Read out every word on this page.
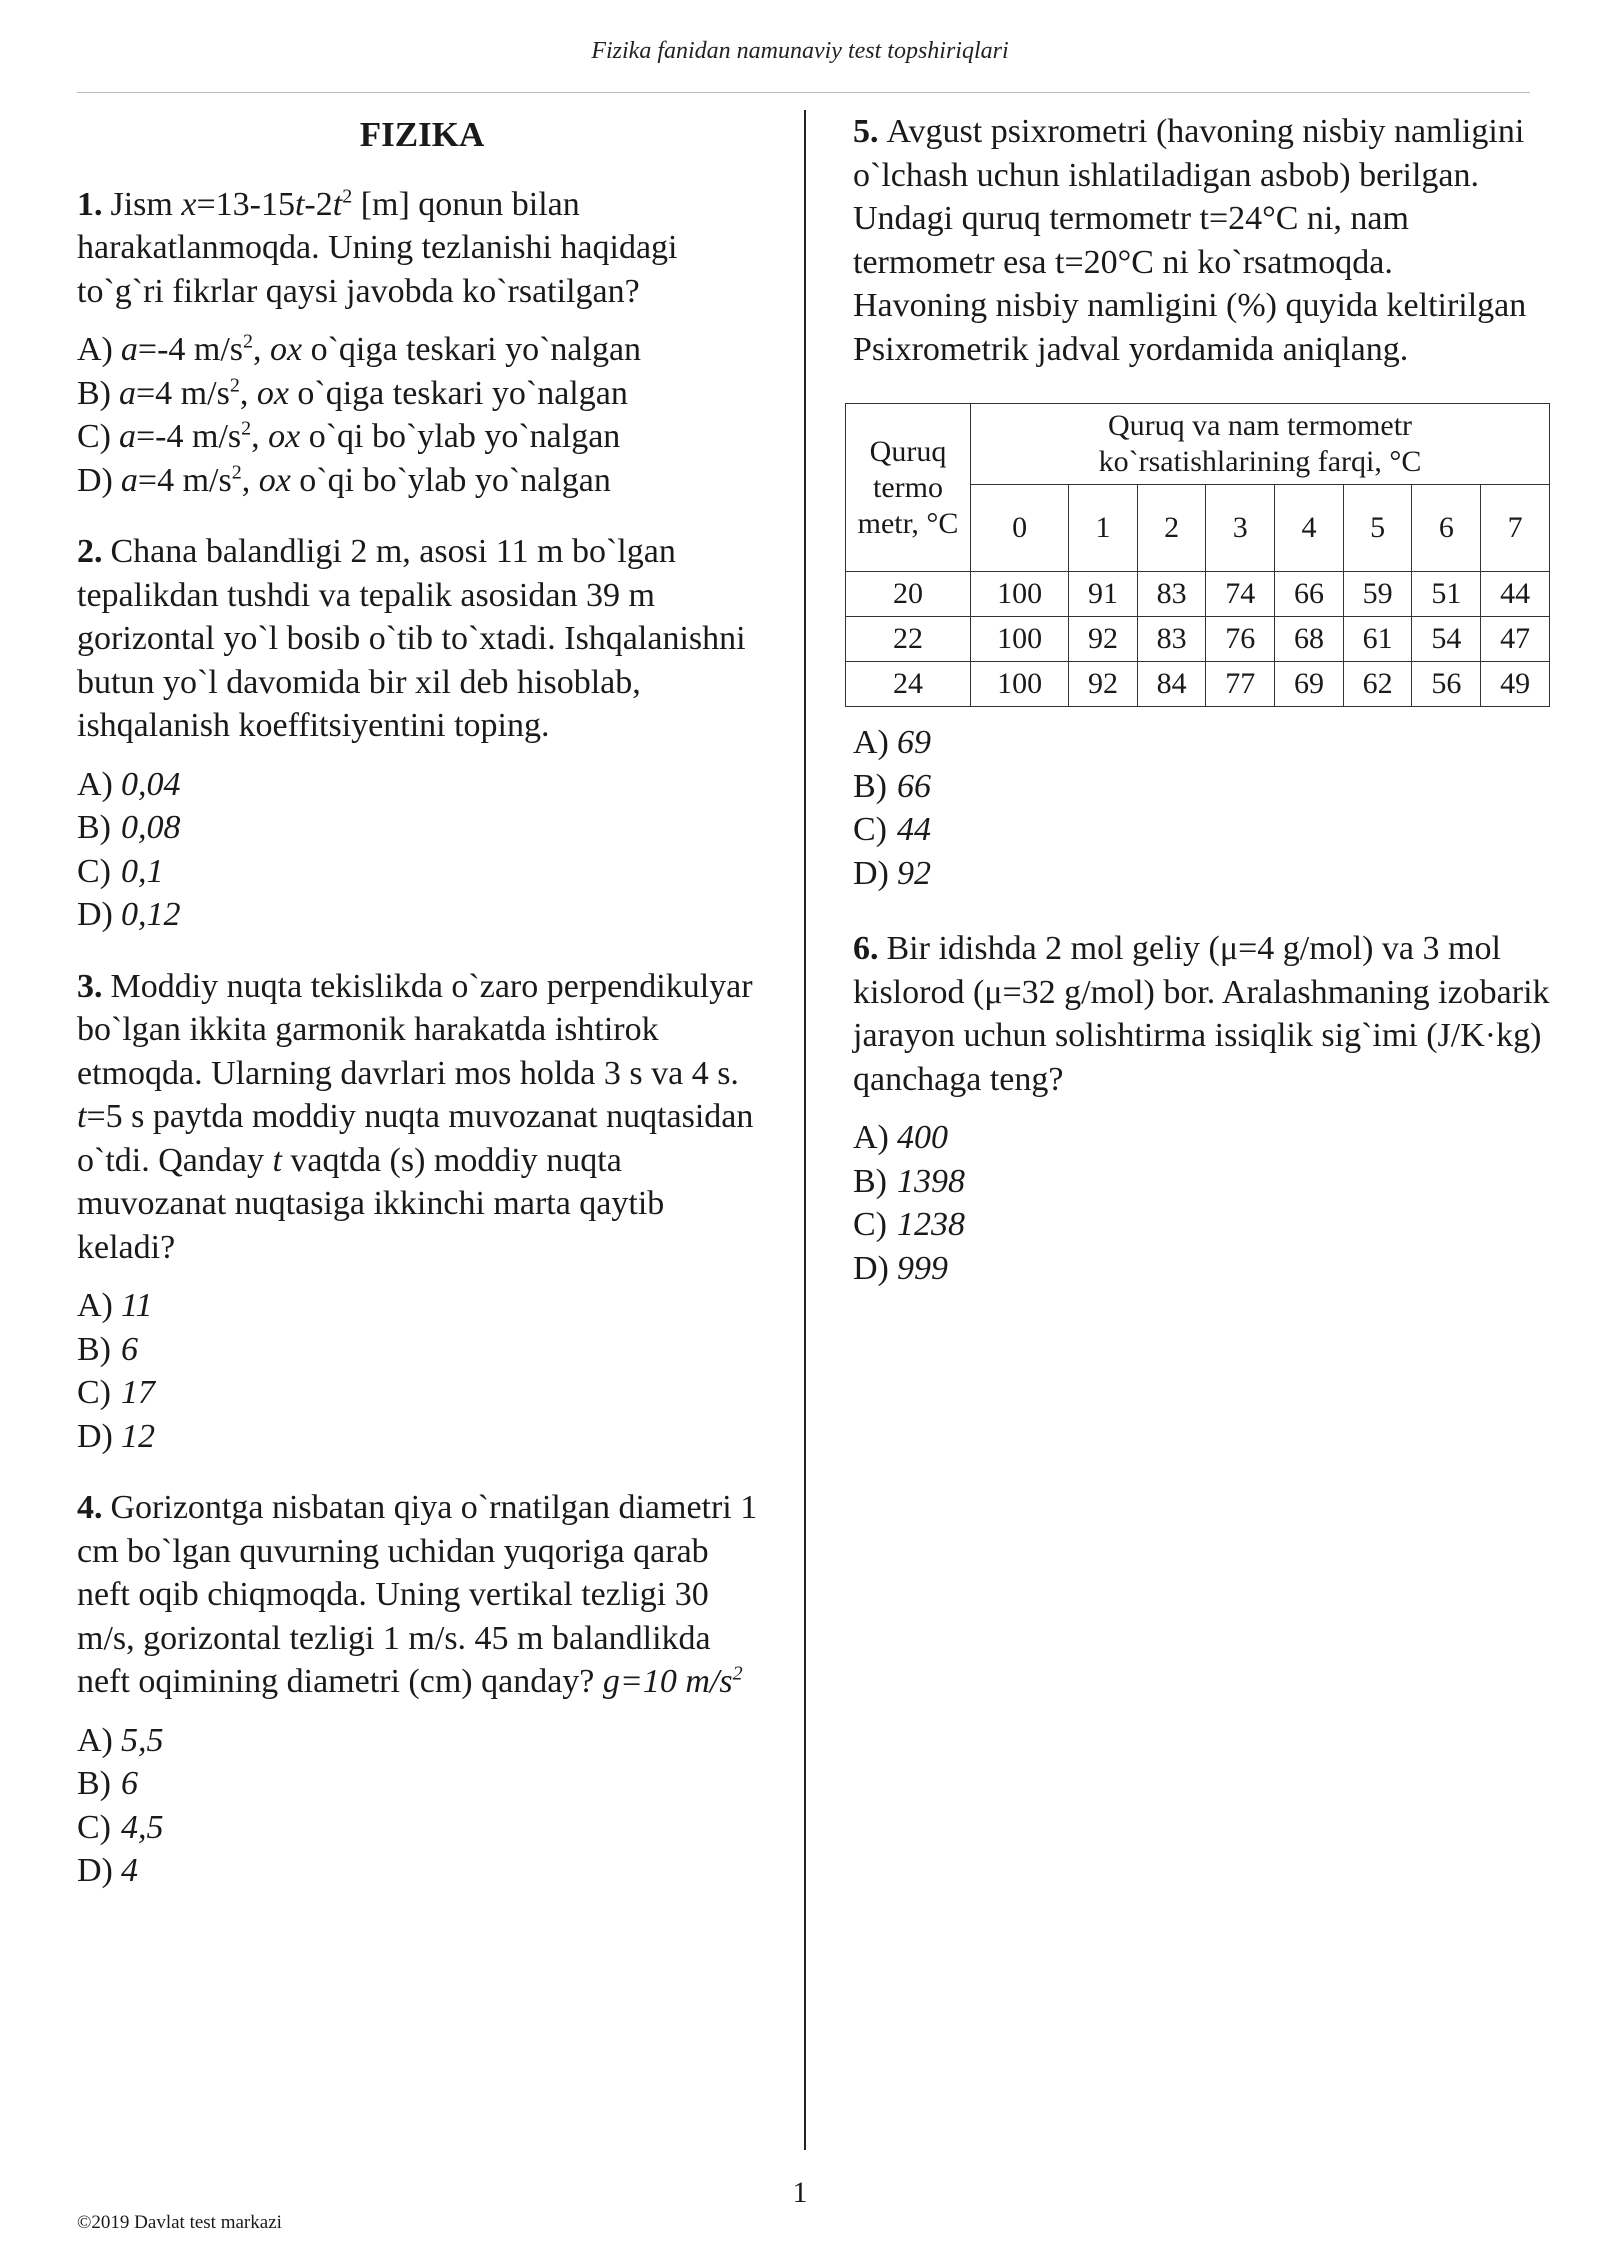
Fizika fanidan namunaviy test topshiriqlari
FIZIKA

1. Jism $x=13-15t-2t^2$ [m] qonun bilan harakatlanmoqda. Uning tezlanishi haqidagi to`g`ri fikrlar qaysi javobda ko`rsatilgan?

A) a=-4 $m/s^2$, ox o`qiga teskari yo`nalgan
B) a=4 $m/s^2$, ox o`qiga teskari yo`nalgan
C) a=-4 $m/s^2$, ox o`qi bo`ylab yo`nalgan
D) a=4 $m/s^2$, ox o`qi bo`ylab yo`nalgan

2. Chana balandligi 2 m, asosi 11 m bo`lgan tepalikdan tushdi va tepalik asosidan 39 m gorizontal yo`l bosib o`tib to`xtadi. Ishqalanishni butun yo`l davomida bir xil deb hisoblab, ishqalanish koeffitsiyentini toping.

A) 0,04
B) 0,08
C) 0,1
D) 0,12

3. Moddiy nuqta tekislikda o`zaro perpendikulyar bo`lgan ikkita garmonik harakatda ishtirok etmoqda. Ularning davrlari mos holda 3 s va 4 s. t=5 s paytda moddiy nuqta muvozanat nuqtasidan o`tdi. Qanday t vaqtda (s) moddiy nuqta muvozanat nuqtasiga ikkinchi marta qaytib keladi?

A) 11
B) 6
C) 17
D) 12

4. Gorizontga nisbatan qiya o`rnatilgan diametri 1 cm bo`lgan quvurning uchidan yuqoriga qarab neft oqib chiqmoqda. Uning vertikal tezligi 30 m/s, gorizontal tezligi 1 m/s. 45 m balandlikda neft oqimining diametri (cm) qanday? g=10 $m/s^2$

A) 5,5
B) 6
C) 4,5
D) 4

5. Avgust psixrometri (havoning nisbiy namligini o`lchash uchun ishlatiladigan asbob) berilgan.

Undagi quruq termometr t=24°C ni, nam termometr esa t=20°C ni ko`rsatmoqda.

Havoning nisbiy namligini (%) quyida keltirilgan Psixrometrik jadval yordamida aniqlang.

Quruq termo metr, °C	Quruq va nam termometr ko`rsatishlarining farqi, °C							
	0	1	2	3	4	5	6	7
20	100	91	83	74	66	59	51	44
22	100	92	83	76	68	61	54	47
24	100	92	84	77	69	62	56	49
A) 69
B) 66
C) 44
D) 92

6. Bir idishda 2 mol geliy (μ=4 g/mol) va 3 mol kislorod (μ=32 g/mol) bor. Aralashmaning izobarik jarayon uchun solishtirma issiqlik sig`imi (J/K·kg) qanchaga teng?

A) 400
B) 1398
C) 1238
D) 999
1
©2019 Davlat test markazi
